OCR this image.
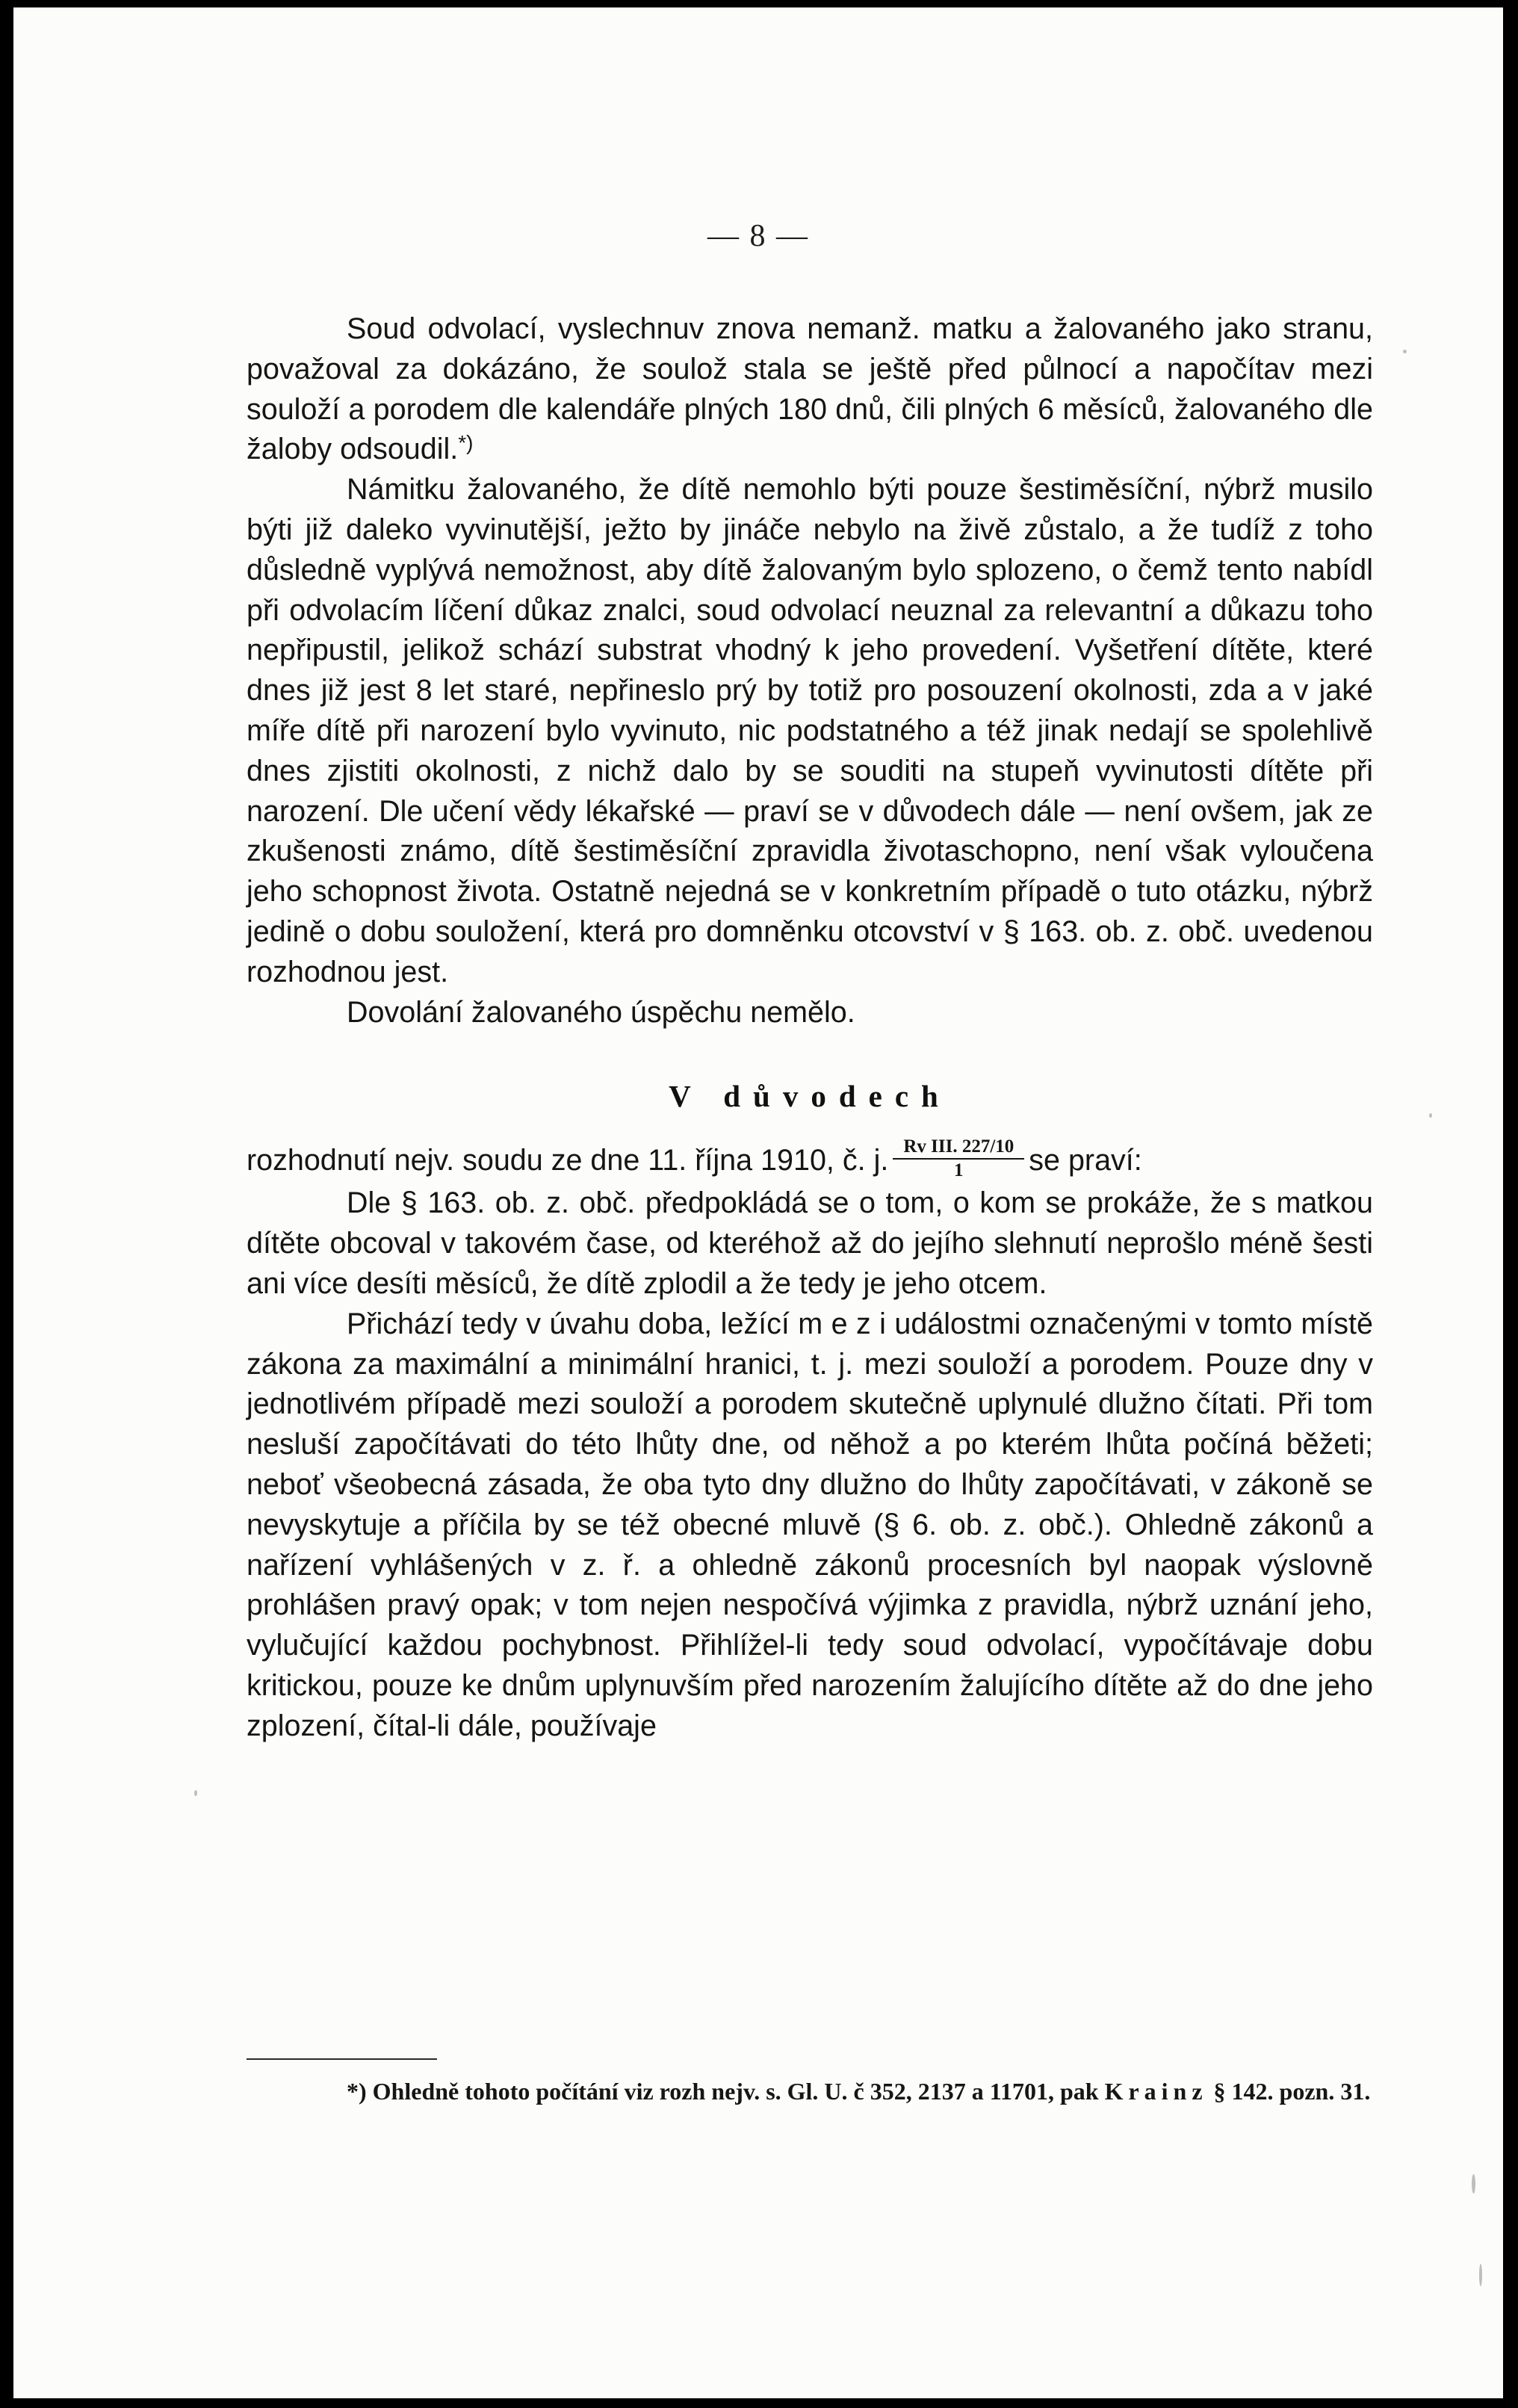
— 8 —

Soud odvolací, vyslechnuv znova nemanž. matku a žalovaného jako stranu, považoval za dokázáno, že soulož stala se ještě před půlnocí a napočítav mezi souloží a porodem dle kalendáře plných 180 dnů, čili plných 6 měsíců, žalovaného dle žaloby odsoudil.*)

Námitku žalovaného, že dítě nemohlo býti pouze šestiměsíční, nýbrž musilo býti již daleko vyvinutější, ježto by jináče nebylo na živě zůstalo, a že tudíž z toho důsledně vyplývá nemožnost, aby dítě žalovaným bylo splozeno, o čemž tento nabídl při odvolacím líčení důkaz znalci, soud odvolací neuznal za relevantní a důkazu toho nepřipustil, jelikož schází substrat vhodný k jeho provedení. Vyšetření dítěte, které dnes již jest 8 let staré, nepřineslo prý by totiž pro posouzení okolnosti, zda a v jaké míře dítě při narození bylo vyvinuto, nic podstatného a též jinak nedají se spolehlivě dnes zjistiti okolnosti, z nichž dalo by se souditi na stupeň vyvinutosti dítěte při narození. Dle učení vědy lékařské — praví se v důvodech dále — není ovšem, jak ze zkušenosti známo, dítě šestiměsíční zpravidla životaschopno, není však vyloučena jeho schopnost života. Ostatně nejedná se v konkretním případě o tuto otázku, nýbrž jedině o dobu souložení, která pro domněnku otcovství v § 163. ob. z. obč. uvedenou rozhodnou jest.

Dovolání žalovaného úspěchu nemělo.

V důvodech

rozhodnutí nejv. soudu ze dne 11. října 1910, č. j. $\frac{\text{Rv III. 227/10}}{1}$ se praví:

Dle § 163. ob. z. obč. předpokládá se o tom, o kom se prokáže, že s matkou dítěte obcoval v takovém čase, od kteréhož až do jejího slehnutí neprošlo méně šesti ani více desíti měsíců, že dítě zplodil a že tedy je jeho otcem.

Přichází tedy v úvahu doba, ležící m e z i událostmi označenými v tomto místě zákona za maximální a minimální hranici, t. j. mezi souloží a porodem. Pouze dny v jednotlivém případě mezi souloží a porodem skutečně uplynulé dlužno čítati. Při tom nesluší započítávati do této lhůty dne, od něhož a po kterém lhůta počíná běžeti; neboť všeobecná zásada, že oba tyto dny dlužno do lhůty započítávati, v zákoně se nevyskytuje a příčila by se též obecné mluvě (§ 6. ob. z. obč.). Ohledně zákonů a nařízení vyhlášených v z. ř. a ohledně zákonů procesních byl naopak výslovně prohlášen pravý opak; v tom nejen nespočívá výjimka z pravidla, nýbrž uznání jeho, vylučující každou pochybnost. Přihlížel-li tedy soud odvolací, vypočítávaje dobu kritickou, pouze ke dnům uplynuvším před narozením žalujícího dítěte až do dne jeho zplození, čítal-li dále, používaje

*) Ohledně tohoto počítání viz rozh nejv. s. Gl. U. č 352, 2137 a 11701, pak Krainz § 142. pozn. 31.
